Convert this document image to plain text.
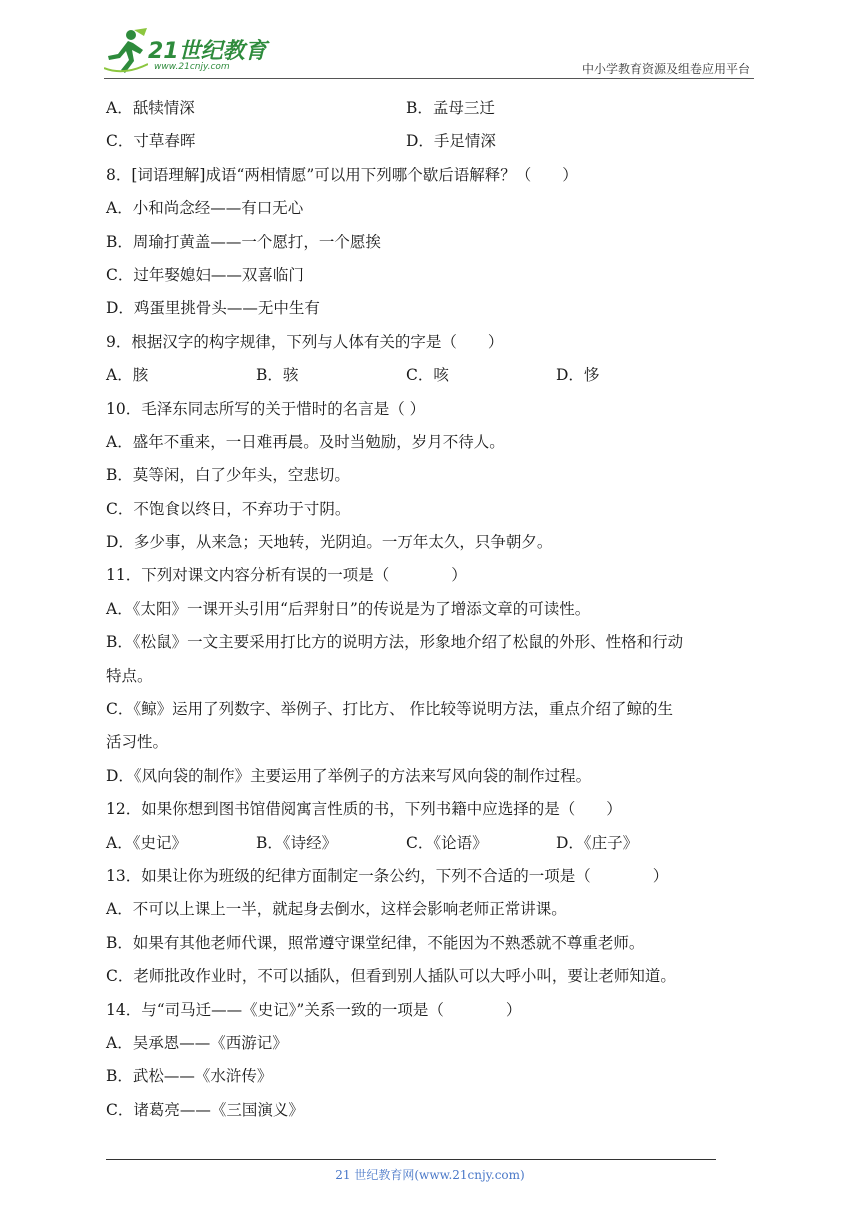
21世纪教育
www.21cnjy.com	中小学教育资源及组卷应用平台
A．舐犊情深	B．孟母三迁
C．寸草春晖	D．手足情深
8．[词语理解]成语“两相情愿”可以用下列哪个歇后语解释？（　　）
A．小和尚念经——有口无心
B．周瑜打黄盖——一个愿打，一个愿挨
C．过年娶媳妇——双喜临门
D．鸡蛋里挑骨头——无中生有
9．根据汉字的构字规律，下列与人体有关的字是（　　）
A．胲	B．骇	C．咳	D．恀
10．毛泽东同志所写的关于惜时的名言是（ ）
A．盛年不重来，一日难再晨。及时当勉励，岁月不待人。
B．莫等闲，白了少年头，空悲切。
C．不饱食以终日，不弃功于寸阴。
D．多少事，从来急；天地转，光阴迫。一万年太久，只争朝夕。
11．下列对课文内容分析有误的一项是（　　　　）
A．《太阳》一课开头引用“后羿射日”的传说是为了增添文章的可读性。
B．《松鼠》一文主要采用打比方的说明方法，形象地介绍了松鼠的外形、性格和行动
特点。
C．《鲸》运用了列数字、举例子、打比方、 作比较等说明方法，重点介绍了鲸的生
活习性。
D．《风向袋的制作》主要运用了举例子的方法来写风向袋的制作过程。
12．如果你想到图书馆借阅寓言性质的书，下列书籍中应选择的是（　　）
A．《史记》	B．《诗经》	C．《论语》	D．《庄子》
13．如果让你为班级的纪律方面制定一条公约，下列不合适的一项是（　　　　）
A．不可以上课上一半，就起身去倒水，这样会影响老师正常讲课。
B．如果有其他老师代课，照常遵守课堂纪律，不能因为不熟悉就不尊重老师。
C．老师批改作业时，不可以插队，但看到别人插队可以大呼小叫，要让老师知道。
14．与“司马迁——《史记》”关系一致的一项是（　　　　）
A．吴承恩——《西游记》
B．武松——《水浒传》
C．诸葛亮——《三国演义》
21 世纪教育网(www.21cnjy.com)
